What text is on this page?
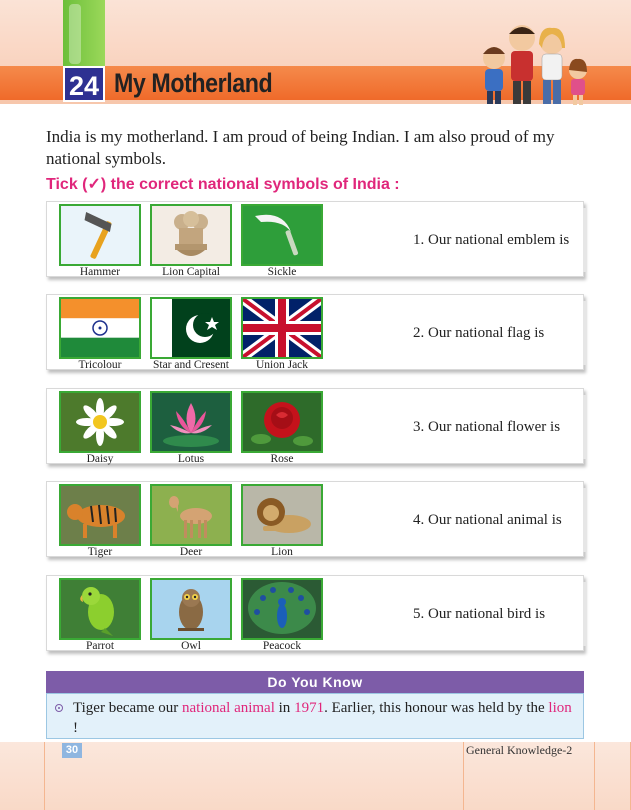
24 My Motherland
India is my motherland. I am proud of being Indian. I am also proud of my national symbols.
Tick (✓) the correct national symbols of India :
Hammer	Lion Capital	Sickle
1. Our national emblem is
Tricolour	Star and Cresent	Union Jack
2. Our national flag is
Daisy	Lotus	Rose
3. Our national flower is
Tiger	Deer	Lion
4. Our national animal is
Parrot	Owl	Peacock
5. Our national bird is
Do You Know
Tiger became our national animal in 1971. Earlier, this honour was held by the lion
!
30	General Knowledge-2
